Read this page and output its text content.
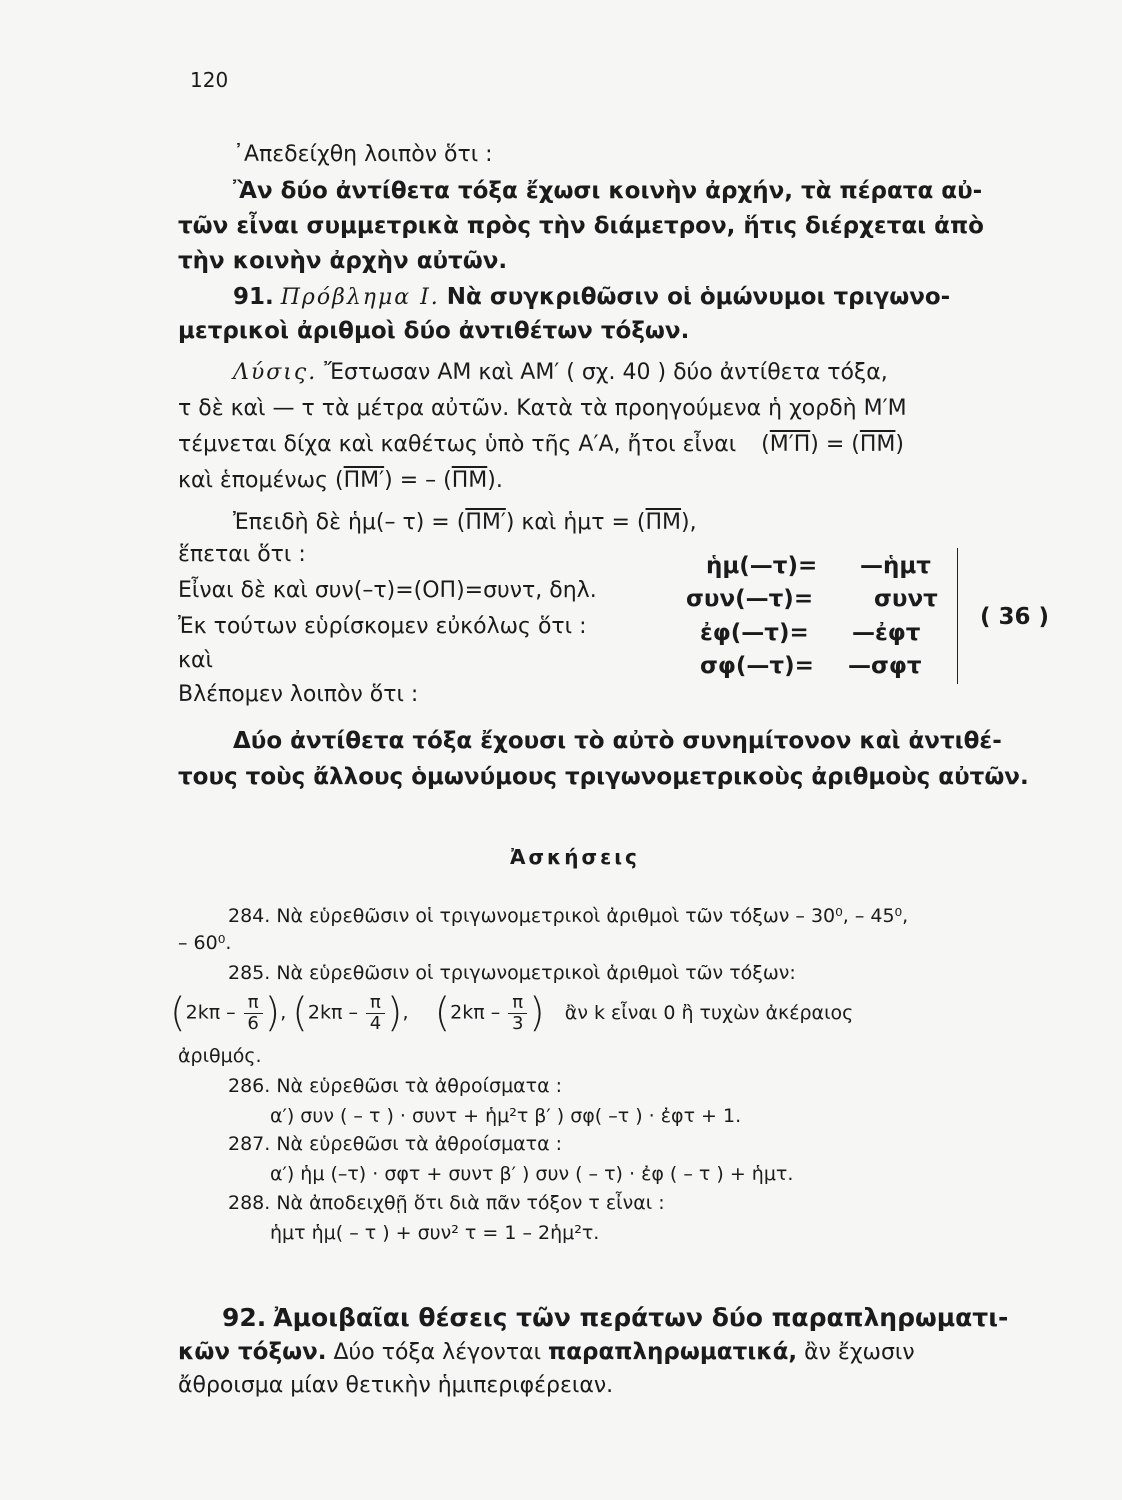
120
᾿Απεδείχθη λοιπὸν ὅτι :
Ἂν δύο ἀντίθετα τόξα ἔχωσι κοινὴν ἀρχήν, τὰ πέρατα αὐ-
τῶν εἶναι συμμετρικὰ πρὸς τὴν διάμετρον, ἥτις διέρχεται ἀπὸ
τὴν κοινὴν ἀρχὴν αὐτῶν.
91. Πρόβλημα Ι. Νὰ συγκριθῶσιν οἱ ὁμώνυμοι τριγωνο-
μετρικοὶ ἀριθμοὶ δύο ἀντιθέτων τόξων.
Λύσις. Ἔστωσαν ΑΜ καὶ ΑΜ′ ( σχ. 40 ) δύο ἀντίθετα τόξα,
τ δὲ καὶ — τ τὰ μέτρα αὐτῶν. Κατὰ τὰ προηγούμενα ἡ χορδὴ Μ′Μ
τέμνεται δίχα καὶ καθέτως ὑπὸ τῆς Α′Α, ἤτοι εἶναι $(M'\Pi) = (\overline{\Pi M})$
καὶ ἑπομένως (ΠΜ′) = – $(\overline{\Pi M})$.
Ἐπειδὴ δὲ ἡμ(– τ) = (ΠΜ′) καὶ ἡμτ = $(\overline{\Pi M})$,
ἕπεται ὅτι :
Εἶναι δὲ καὶ συν(–τ)=(ΟΠ)=συντ, δηλ.
Ἐκ τούτων εὑρίσκομεν εὐκόλως ὅτι :
καὶ
Βλέπομεν λοιπὸν ὅτι :
ἡμ(—τ)= —ἡμτ
συν(—τ)=	συντ
ἐφ(—τ)= —ἐφτ
σφ(—τ)= —σφτ
( 36 )
Δύο ἀντίθετα τόξα ἔχουσι τὸ αὐτὸ συνημίτονον καὶ ἀντιθέ-
τους τοὺς ἄλλους ὁμωνύμους τριγωνομετρικοὺς ἀριθμοὺς αὐτῶν.
Ἀσκήσεις
284. Νὰ εὑρεθῶσιν οἱ τριγωνομετρικοὶ ἀριθμοὶ τῶν τόξων – 30⁰, – 45⁰,
– 60⁰.
285. Νὰ εὑρεθῶσιν οἱ τριγωνομετρικοὶ ἀριθμοὶ τῶν τόξων:
($2k\pi - \frac{\pi}{6}$ ), ($2k\pi - \frac{\pi}{4}$ ), ($2k\pi - \frac{\pi}{3}$ ) ἂν k εἶναι 0 ἢ τυχὼν ἀκέραιος
ἀριθμός.
286. Νὰ εὑρεθῶσι τὰ ἀθροίσματα :
α′) συν ( – τ ) · συντ + ἡμ²τ β′ ) σφ( –τ ) · ἐφτ + 1.
287. Νὰ εὑρεθῶσι τὰ ἀθροίσματα :
α′) ἡμ (–τ) · σφτ + συντ β′ ) συν ( – τ) · ἐφ ( – τ ) + ἡμτ.
288. Νὰ ἀποδειχθῇ ὅτι διὰ πᾶν τόξον τ εἶναι :
ἡμτ ἡμ( – τ ) + συν² τ = 1 – 2ἡμ²τ.
92. Ἀμοιβαῖαι θέσεις τῶν περάτων δύο παραπληρωματι-
κῶν τόξων. Δύο τόξα λέγονται παραπληρωματικά, ἂν ἔχωσιν
ἄθροισμα μίαν θετικὴν ἡμιπεριφέρειαν.
